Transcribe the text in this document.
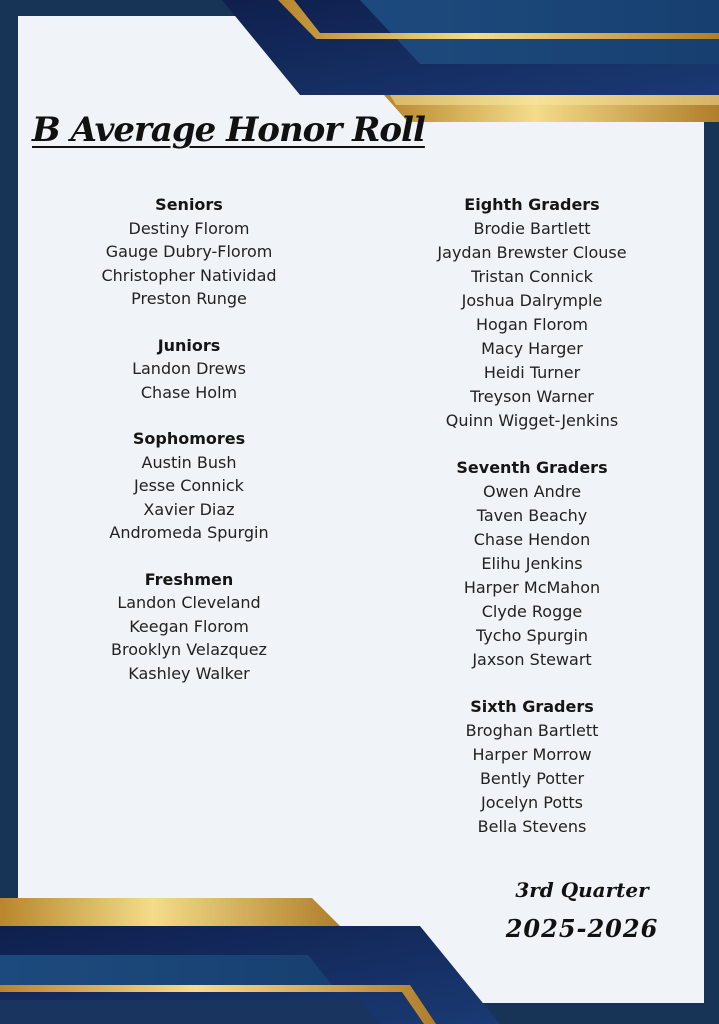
B Average Honor Roll
Seniors
Destiny Florom
Gauge Dubry-Florom
Christopher Natividad
Preston Runge
Juniors
Landon Drews
Chase Holm
Sophomores
Austin Bush
Jesse Connick
Xavier Diaz
Andromeda Spurgin
Freshmen
Landon Cleveland
Keegan Florom
Brooklyn Velazquez
Kashley Walker
Eighth Graders
Brodie Bartlett
Jaydan Brewster Clouse
Tristan Connick
Joshua Dalrymple
Hogan Florom
Macy Harger
Heidi Turner
Treyson Warner
Quinn Wigget-Jenkins
Seventh Graders
Owen Andre
Taven Beachy
Chase Hendon
Elihu Jenkins
Harper McMahon
Clyde Rogge
Tycho Spurgin
Jaxson Stewart
Sixth Graders
Broghan Bartlett
Harper Morrow
Bently Potter
Jocelyn Potts
Bella Stevens

3rd Quarter

2025-2026
